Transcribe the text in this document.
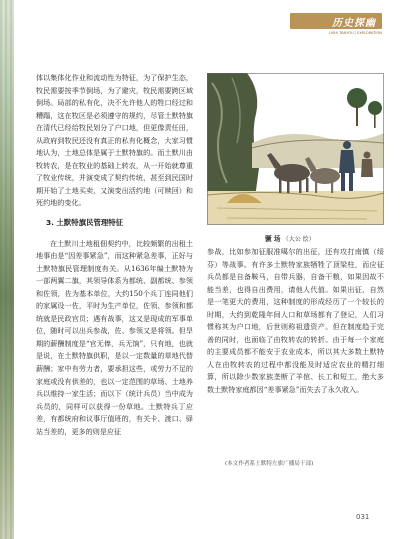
历史探幽
LISHI TANYOU / EXPLORATION

体以集体化作业和流动性为特征，为了保护生态，牧民需要按季节倒场，为了避灾，牧民需要跨区域倒场。局部的私有化，决不允许他人的牲口经过和糟蹋，这在牧区是必须遵守的规约，尽管土默特旗在清代已经给牧民划分了户口地，但更像责任田，从政府到牧民还没有真正的私有化概念，大家习惯地认为，土地总体是属于土默特旗的。而土默川由牧转农，是在牧业的基础上转农，从一开始就尊重了牧业传统，并演变成了契约传统，甚至到民国时期开始了土地买卖，又演变出活约地（可赎回）和死约地的变化。

3. 土默特旗民管理特征

在土默川土地租佃契约中，比较频繁的出租土地事由是“因差事紧急”，而这种紧急差事，正好与土默特旗民管理制度有关。从1636年编土默特为一部两翼二旗，其领导体系为都统、副都统、参领和佐领，佐为基本单位，大约150个兵丁连同他们的家属设一佐，平时为生产单位，佐领、参领和都统就是民政官员；遇有战事，这又是现成的军事单位，随时可以出兵参战，佐、参领又是将领。但旱期的薪酬制度是“官无俸，兵无饷”，只有地，也就是说，在土默特旗供职，是以一定数量的草地代替薪酬；家中有劳力者，要承担这些，或劳力不足的家庭或没有供差的，也以一定范围的草场、土地养兵以维持一家生活；而以下（统计兵员）当中成为兵员的，同样可以获得一份草地。土默特兵丁应差，有都统府和议事厅值班的，有关卡、渡口、驿站当差的，更多的则是应征

镢 场 （大公 绘）

参战，比如参加征服准噶尔的出征，还有攻打南镇（绥芬）等战事。有许多土默特家族牺牲了顶梁柱，而应征兵员都是自备鞍马，自带兵器，自备干粮，如果因故不能当差，也得自出费用，请他人代值。如果出征，自然是一笔更大的费用，这种制度的形成经历了一个较长的时期，大约到乾隆年间人口和草场都有了登记，人们习惯称其为户口地，后世则称祖遗资产。但在制度趋于完善的同时，也面临了由牧转农的转折。由于每一个家庭的主要成员都不能安于农业成本，所以其大多数土默特人在由牧转农的过程中都没能及时适应农业的精打细算，所以除少数家族垄断了羊倌、长工和短工，绝大多数土默特家庭都因“差事紧急”而失去了永久收入。

(本文作者系土默特左旗广播局干部)
031
